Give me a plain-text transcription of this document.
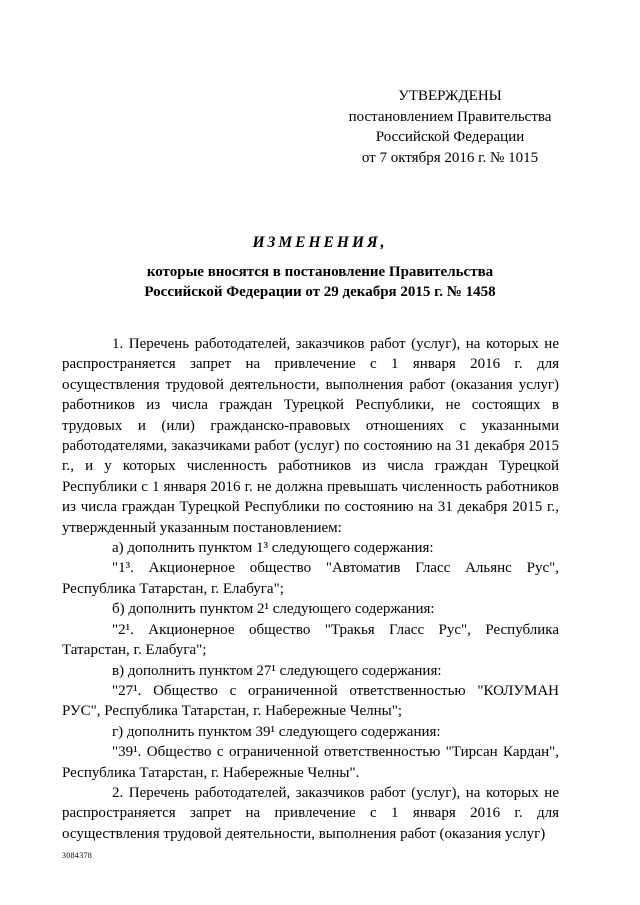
УТВЕРЖДЕНЫ
постановлением Правительства
Российской Федерации
от 7 октября 2016 г. № 1015
ИЗМЕНЕНИЯ,
которые вносятся в постановление Правительства
Российской Федерации от 29 декабря 2015 г. № 1458

1. Перечень работодателей, заказчиков работ (услуг), на которых не распространяется запрет на привлечение с 1 января 2016 г. для осуществления трудовой деятельности, выполнения работ (оказания услуг) работников из числа граждан Турецкой Республики, не состоящих в трудовых и (или) гражданско-правовых отношениях с указанными работодателями, заказчиками работ (услуг) по состоянию на 31 декабря 2015 г., и у которых численность работников из числа граждан Турецкой Республики с 1 января 2016 г. не должна превышать численность работников из числа граждан Турецкой Республики по состоянию на 31 декабря 2015 г., утвержденный указанным постановлением:

а) дополнить пунктом 1³ следующего содержания:

"1³. Акционерное общество "Автоматив Гласс Альянс Рус", Республика Татарстан, г. Елабуга";

б) дополнить пунктом 2¹ следующего содержания:

"2¹. Акционерное общество "Тракья Гласс Рус", Республика Татарстан, г. Елабуга";

в) дополнить пунктом 27¹ следующего содержания:

"27¹. Общество с ограниченной ответственностью "КОЛУМАН РУС", Республика Татарстан, г. Набережные Челны";

г) дополнить пунктом 39¹ следующего содержания:

"39¹. Общество с ограниченной ответственностью "Тирсан Кардан", Республика Татарстан, г. Набережные Челны".

2. Перечень работодателей, заказчиков работ (услуг), на которых не распространяется запрет на привлечение с 1 января 2016 г. для осуществления трудовой деятельности, выполнения работ (оказания услуг)

3084378
